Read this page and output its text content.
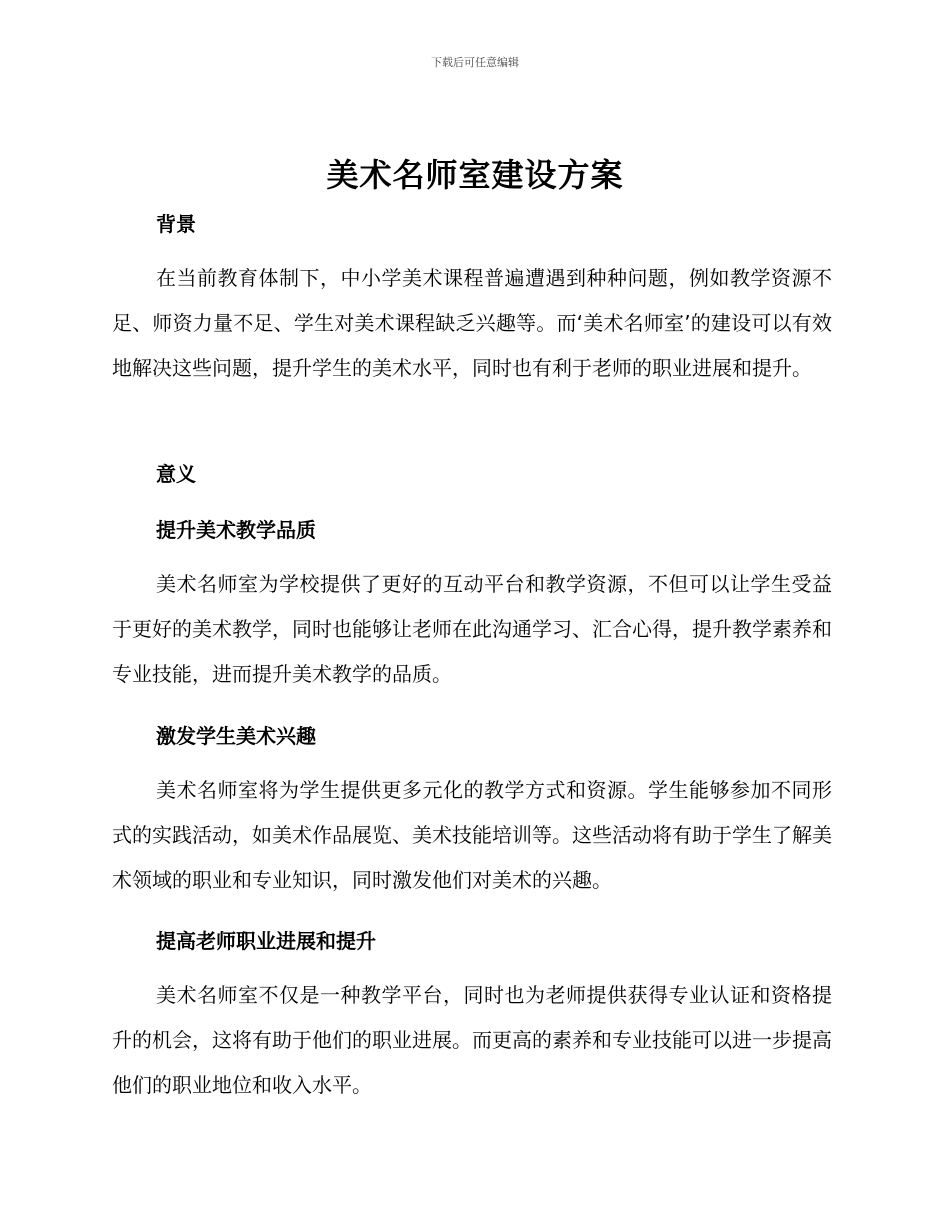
下载后可任意编辑
美术名师室建设方案
背景

在当前教育体制下，中小学美术课程普遍遭遇到种种问题，例如教学资源不足、师资力量不足、学生对美术课程缺乏兴趣等。而‘美术名师室’的建设可以有效地解决这些问题，提升学生的美术水平，同时也有利于老师的职业进展和提升。

意义
提升美术教学品质

美术名师室为学校提供了更好的互动平台和教学资源，不但可以让学生受益于更好的美术教学，同时也能够让老师在此沟通学习、汇合心得，提升教学素养和专业技能，进而提升美术教学的品质。

激发学生美术兴趣

美术名师室将为学生提供更多元化的教学方式和资源。学生能够参加不同形式的实践活动，如美术作品展览、美术技能培训等。这些活动将有助于学生了解美术领域的职业和专业知识，同时激发他们对美术的兴趣。

提高老师职业进展和提升

美术名师室不仅是一种教学平台，同时也为老师提供获得专业认证和资格提升的机会，这将有助于他们的职业进展。而更高的素养和专业技能可以进一步提高他们的职业地位和收入水平。
